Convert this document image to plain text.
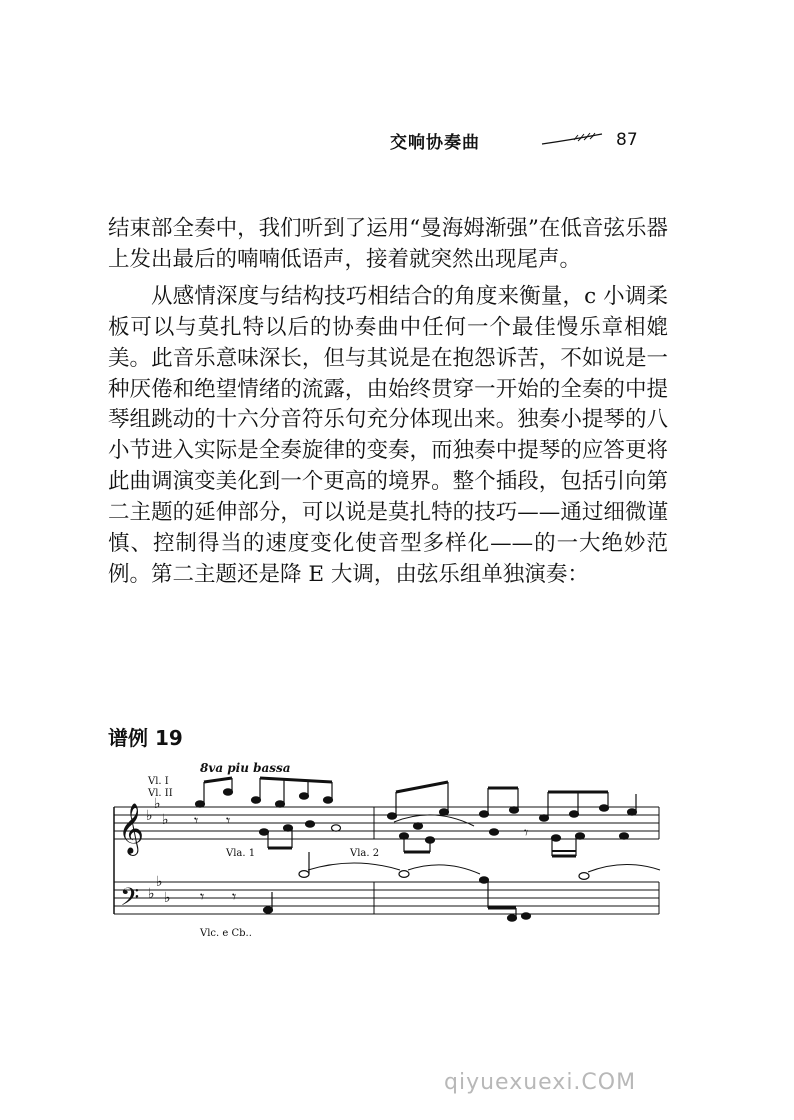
交响协奏曲	87

结束部全奏中，我们听到了运用“曼海姆渐强”在低音弦乐器上发出最后的喃喃低语声，接着就突然出现尾声。

从感情深度与结构技巧相结合的角度来衡量，c 小调柔板可以与莫扎特以后的协奏曲中任何一个最佳慢乐章相媲美。此音乐意味深长，但与其说是在抱怨诉苦，不如说是一种厌倦和绝望情绪的流露，由始终贯穿一开始的全奏的中提琴组跳动的十六分音符乐句充分体现出来。独奏小提琴的八小节进入实际是全奏旋律的变奏，而独奏中提琴的应答更将此曲调演变美化到一个更高的境界。整个插段，包括引向第二主题的延伸部分，可以说是莫扎特的技巧——通过细微谨慎、控制得当的速度变化使音型多样化——的一大绝妙范例。第二主题还是降 E 大调，由弦乐组单独演奏：

谱例 19
8va piu bassa
Vl. I
Vl. II
Vla. 1	Vla. 2
Vlc. e Cb..
𝄞
𝄢
♭
♭
♭
♭
♭
♭
𝄾 𝄾
𝄾 𝄾
𝄾
qiyuexuexi.COM
